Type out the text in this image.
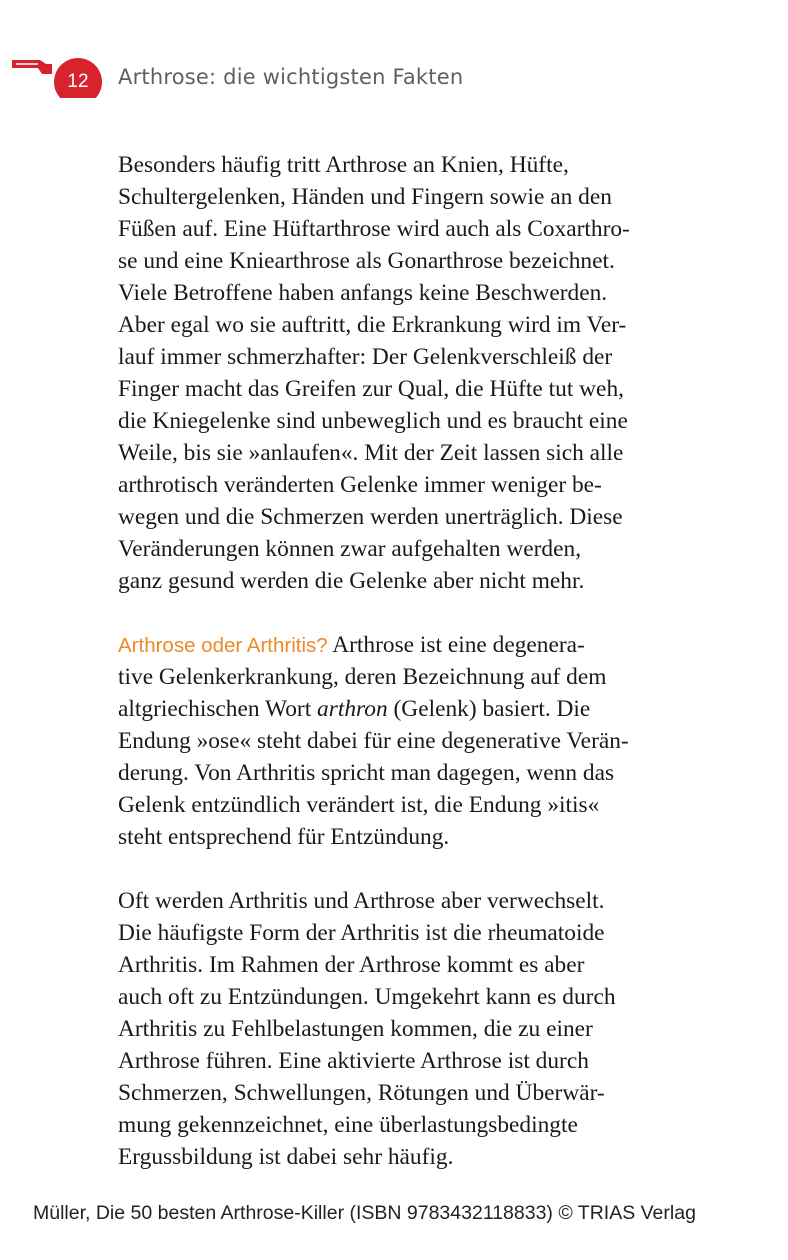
12	Arthrose: die wichtigsten Fakten
Besonders häufig tritt Arthrose an Knien, Hüfte,
Schultergelenken, Händen und Fingern sowie an den
Füßen auf. Eine Hüftarthrose wird auch als Coxarthro-
se und eine Kniearthrose als Gonarthrose bezeichnet.
Viele Betroffene haben anfangs keine Beschwerden.
Aber egal wo sie auftritt, die Erkrankung wird im Ver-
lauf immer schmerzhafter: Der Gelenkverschleiß der
Finger macht das Greifen zur Qual, die Hüfte tut weh,
die Kniegelenke sind unbeweglich und es braucht eine
Weile, bis sie »anlaufen«. Mit der Zeit lassen sich alle
arthrotisch veränderten Gelenke immer weniger be-
wegen und die Schmerzen werden unerträglich. Diese
Veränderungen können zwar aufgehalten werden,
ganz gesund werden die Gelenke aber nicht mehr.
Arthrose oder Arthritis? Arthrose ist eine degenera-
tive Gelenkerkrankung, deren Bezeichnung auf dem
altgriechischen Wort arthron (Gelenk) basiert. Die
Endung »ose« steht dabei für eine degenerative Verän-
derung. Von Arthritis spricht man dagegen, wenn das
Gelenk entzündlich verändert ist, die Endung »itis«
steht entsprechend für Entzündung.
Oft werden Arthritis und Arthrose aber verwechselt.
Die häufigste Form der Arthritis ist die rheumatoide
Arthritis. Im Rahmen der Arthrose kommt es aber
auch oft zu Entzündungen. Umgekehrt kann es durch
Arthritis zu Fehlbelastungen kommen, die zu einer
Arthrose führen. Eine aktivierte Arthrose ist durch
Schmerzen, Schwellungen, Rötungen und Überwär-
mung gekennzeichnet, eine überlastungsbedingte
Ergussbildung ist dabei sehr häufig.
Müller, Die 50 besten Arthrose-Killer (ISBN 9783432118833) © TRIAS Verlag
